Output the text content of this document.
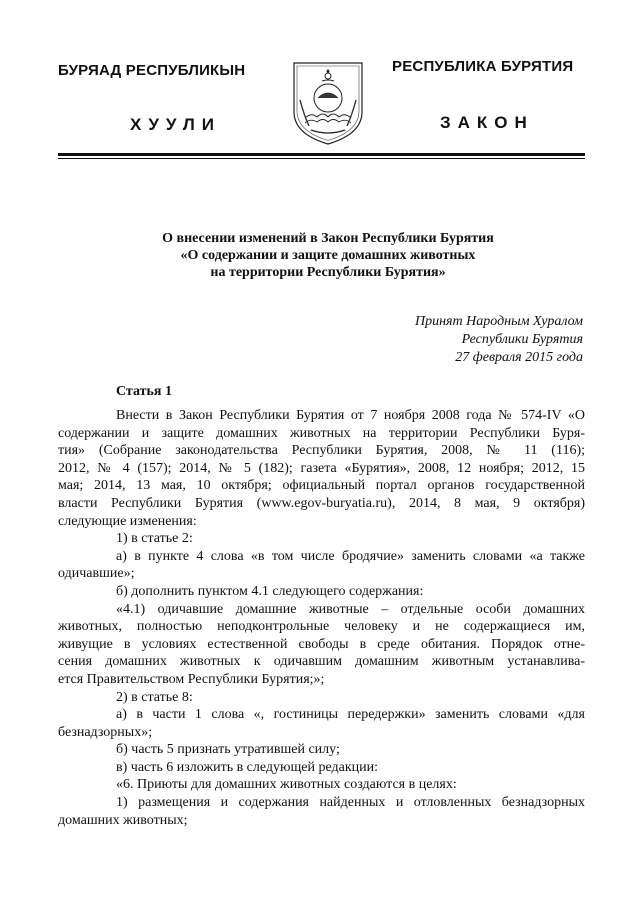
БУРЯАД РЕСПУБЛИКЫН
ХУУЛИ
РЕСПУБЛИКА БУРЯТИЯ
ЗАКОН
О внесении изменений в Закон Республики Бурятия
«О содержании и защите домашних животных
на территории Республики Бурятия»
Принят Народным Хуралом
Республики Бурятия
27 февраля 2015 года
Статья 1
Внести в Закон Республики Бурятия от 7 ноября 2008 года № 574-IV «О
содержании и защите домашних животных на территории Республики Буря-
тия» (Собрание законодательства Республики Бурятия, 2008, № 11 (116);
2012, № 4 (157); 2014, № 5 (182); газета «Бурятия», 2008, 12 ноября; 2012, 15
мая; 2014, 13 мая, 10 октября; официальный портал органов государственной
власти Республики Бурятия (www.egov-buryatia.ru), 2014, 8 мая, 9 октября)
следующие изменения:
1) в статье 2:
а) в пункте 4 слова «в том числе бродячие» заменить словами «а также
одичавшие»;
б) дополнить пунктом 4.1 следующего содержания:
«4.1) одичавшие домашние животные – отдельные особи домашних
животных, полностью неподконтрольные человеку и не содержащиеся им,
живущие в условиях естественной свободы в среде обитания. Порядок отне-
сения домашних животных к одичавшим домашним животным устанавлива-
ется Правительством Республики Бурятия;»;
2) в статье 8:
а) в части 1 слова «, гостиницы передержки» заменить словами «для
безнадзорных»;
б) часть 5 признать утратившей силу;
в) часть 6 изложить в следующей редакции:
«6. Приюты для домашних животных создаются в целях:
1) размещения и содержания найденных и отловленных безнадзорных
домашних животных;
